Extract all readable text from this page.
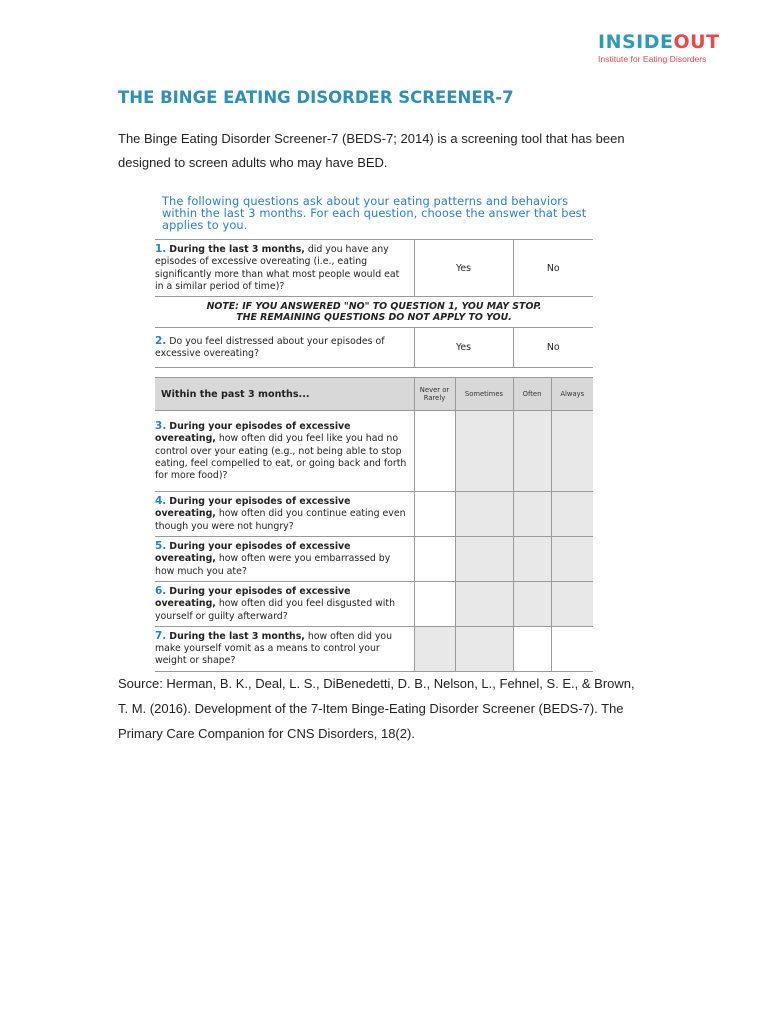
INSIDEOUT
Institute for Eating Disorders
THE BINGE EATING DISORDER SCREENER-7
The Binge Eating Disorder Screener-7 (BEDS-7; 2014) is a screening tool that has been designed to screen adults who may have BED.
The following questions ask about your eating patterns and behaviors within the last 3 months. For each question, choose the answer that best applies to you.
1. During the last 3 months, did you have any episodes of excessive overeating (i.e., eating significantly more than what most people would eat in a similar period of time)?	Yes		No	

NOTE: IF YOU ANSWERED "NO" TO QUESTION 1, YOU MAY STOP.
THE REMAINING QUESTIONS DO NOT APPLY TO YOU.				

2. Do you feel distressed about your episodes of excessive overeating?	Yes		No	

Within the past 3 months...	Never or Rarely	Sometimes	Often	Always
3. During your episodes of excessive overeating, how often did you feel like you had no control over your eating (e.g., not being able to stop eating, feel compelled to eat, or going back and forth for more food)?				
4. During your episodes of excessive overeating, how often did you continue eating even though you were not hungry?				
5. During your episodes of excessive overeating, how often were you embarrassed by how much you ate?				
6. During your episodes of excessive overeating, how often did you feel disgusted with yourself or guilty afterward?				
7. During the last 3 months, how often did you make yourself vomit as a means to control your weight or shape?				
Source: Herman, B. K., Deal, L. S., DiBenedetti, D. B., Nelson, L., Fehnel, S. E., & Brown, T. M. (2016). Development of the 7-Item Binge-Eating Disorder Screener (BEDS-7). The Primary Care Companion for CNS Disorders, 18(2).
